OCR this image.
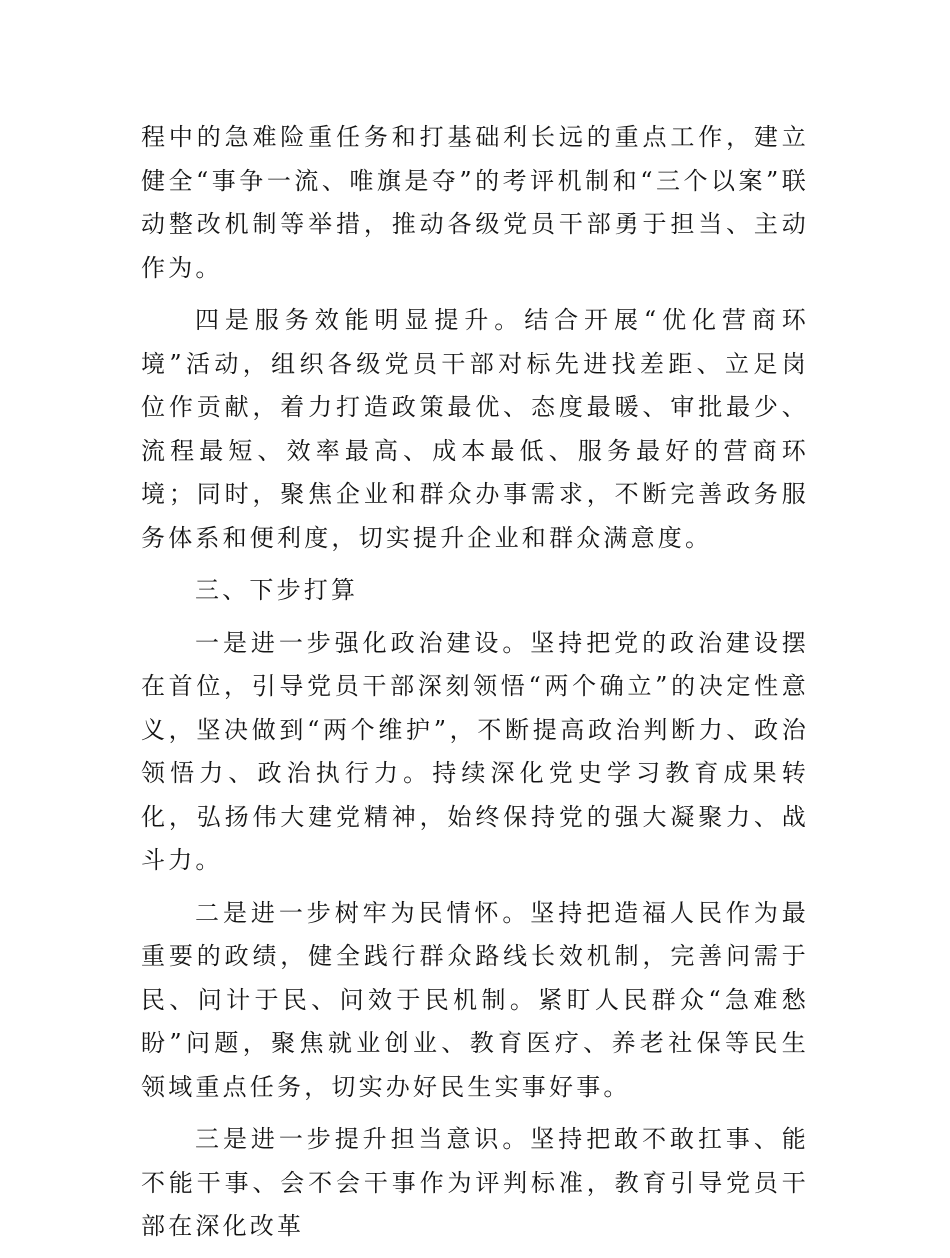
程中的急难险重任务和打基础利长远的重点工作，建立健全“事争一流、唯旗是夺”的考评机制和“三个以案”联动整改机制等举措，推动各级党员干部勇于担当、主动作为。

四是服务效能明显提升。结合开展“优化营商环境”活动，组织各级党员干部对标先进找差距、立足岗位作贡献，着力打造政策最优、态度最暖、审批最少、流程最短、效率最高、成本最低、服务最好的营商环境；同时，聚焦企业和群众办事需求，不断完善政务服务体系和便利度，切实提升企业和群众满意度。

三、下步打算

一是进一步强化政治建设。坚持把党的政治建设摆在首位，引导党员干部深刻领悟“两个确立”的决定性意义，坚决做到“两个维护”，不断提高政治判断力、政治领悟力、政治执行力。持续深化党史学习教育成果转化，弘扬伟大建党精神，始终保持党的强大凝聚力、战斗力。

二是进一步树牢为民情怀。坚持把造福人民作为最重要的政绩，健全践行群众路线长效机制，完善问需于民、问计于民、问效于民机制。紧盯人民群众“急难愁盼”问题，聚焦就业创业、教育医疗、养老社保等民生领域重点任务，切实办好民生实事好事。

三是进一步提升担当意识。坚持把敢不敢扛事、能不能干事、会不会干事作为评判标准，教育引导党员干部在深化改革
